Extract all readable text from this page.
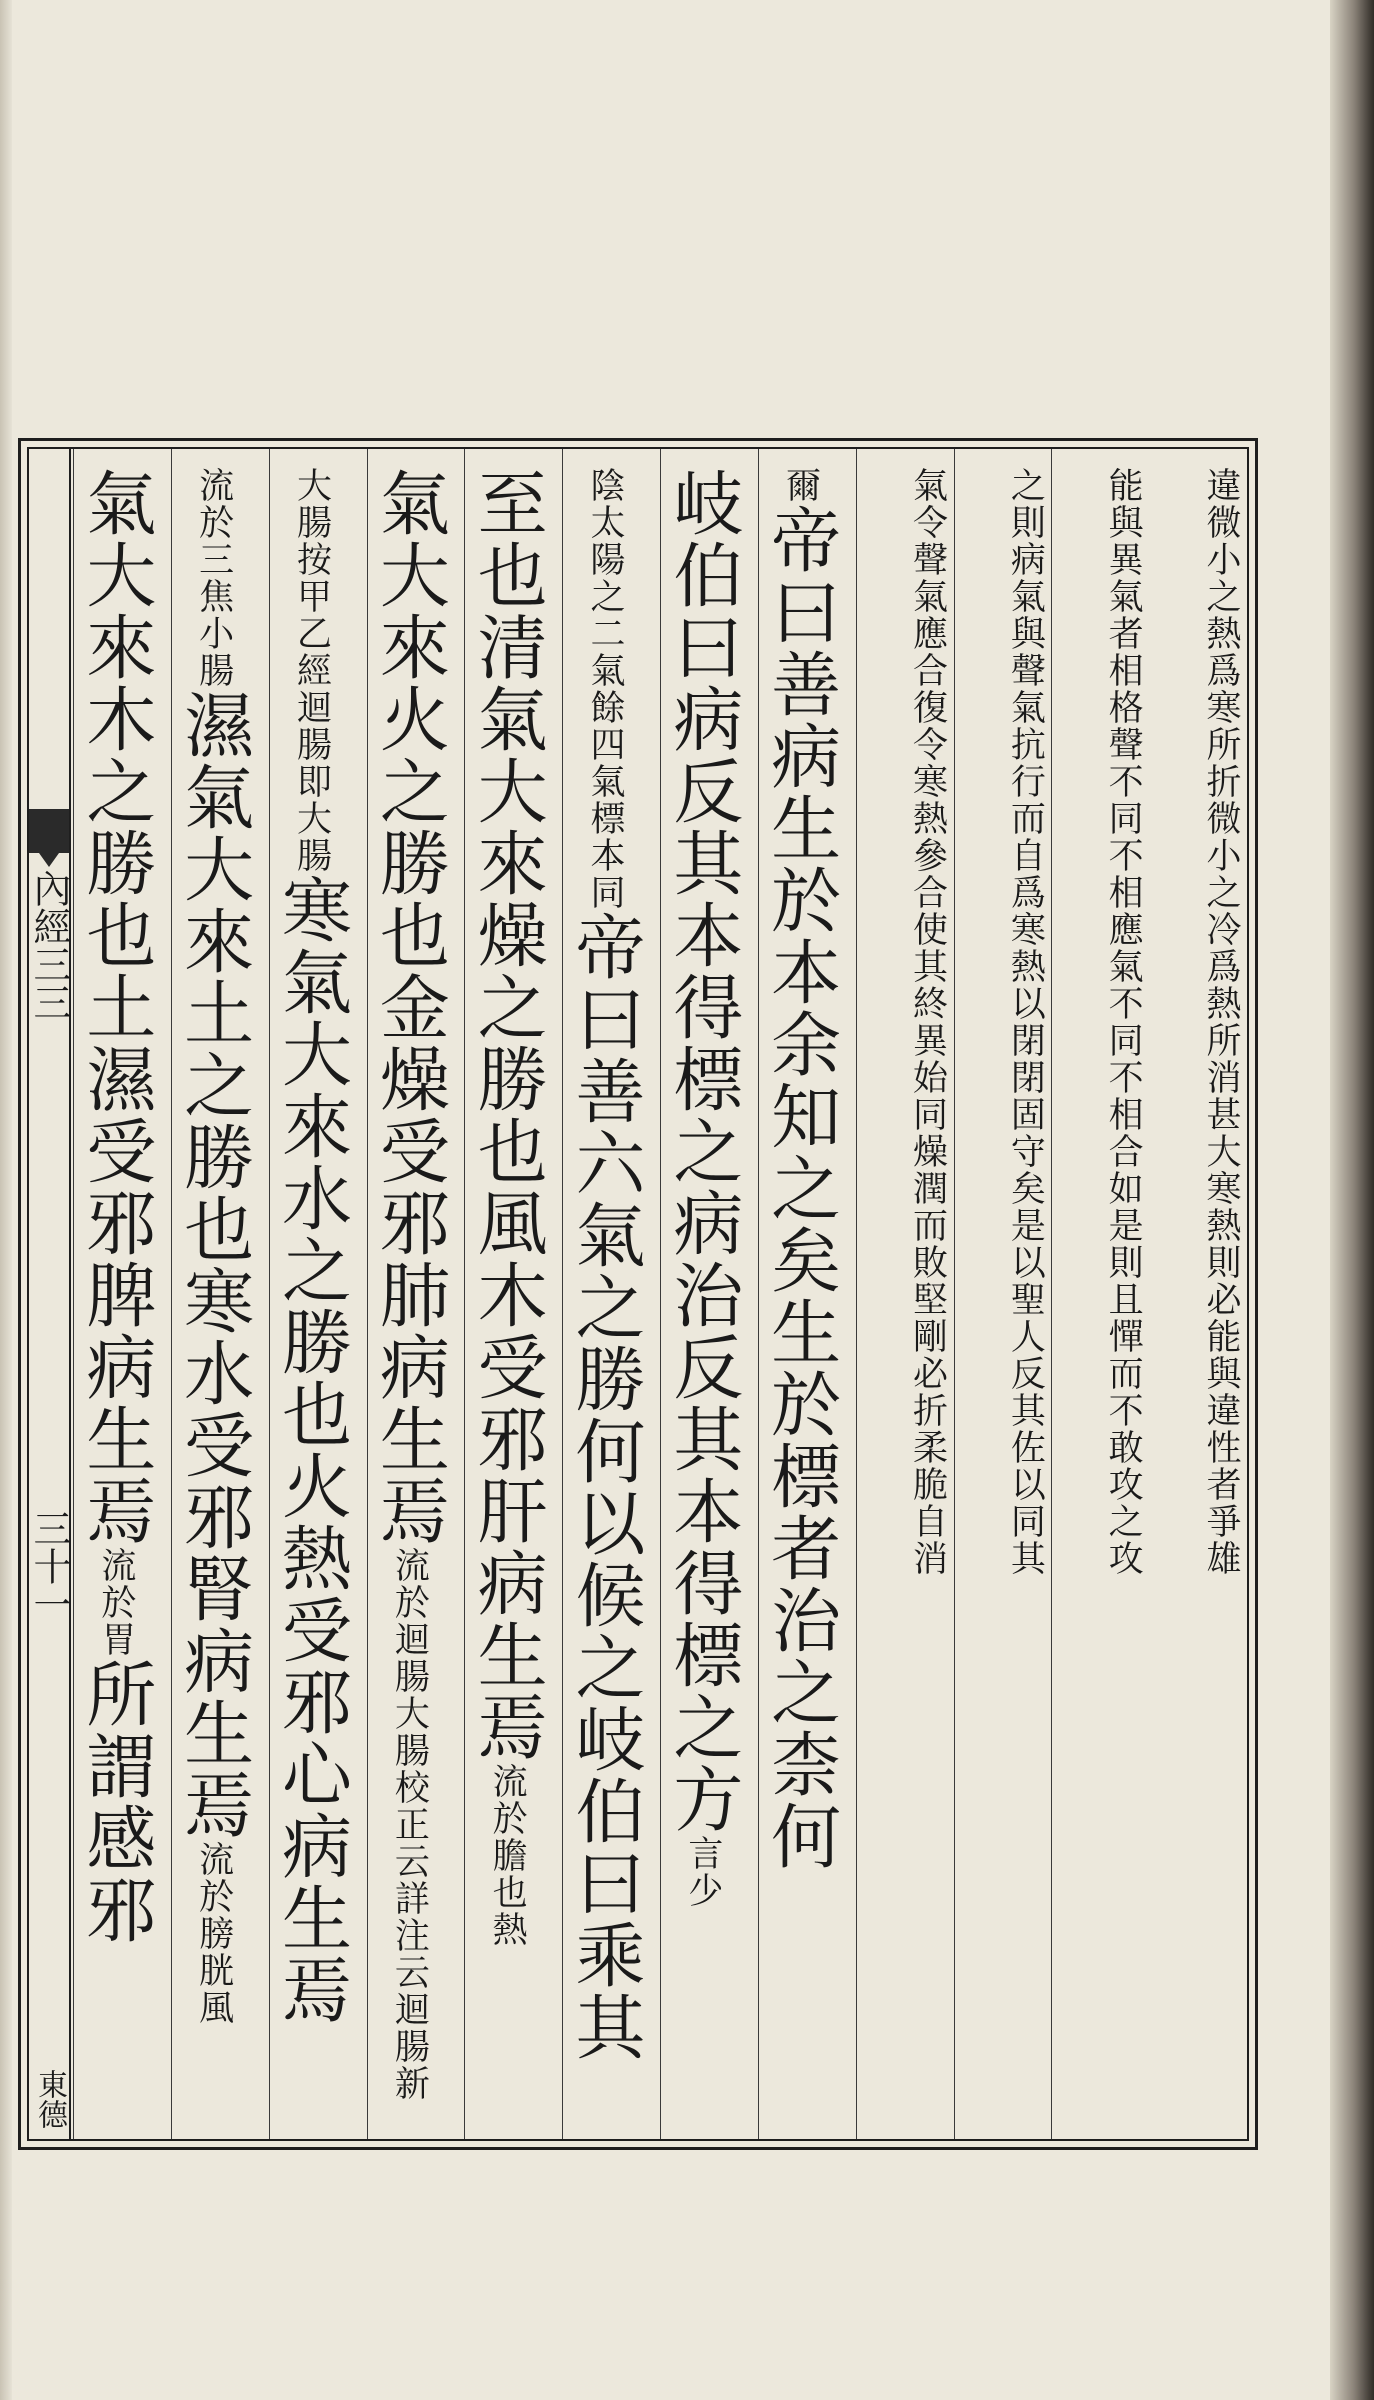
內經三三
三十一
東德
違微小之熱爲寒所折微小之冷爲熱所消甚大寒熱則必能與違性者爭雄
能與異氣者相格聲不同不相應氣不同不相合如是則且憚而不敢攻之攻
之則病氣與聲氣抗行而自爲寒熱以閉閉固守矣是以聖人反其佐以同其
氣令聲氣應合復令寒熱參合使其終異始同燥潤而敗堅剛必折柔脆自消
爾帝曰善病生於本余知之矣生於標者治之柰何
岐伯曰病反其本得標之病治反其本得標之方言少
陰太陽之二氣餘四氣標本同帝曰善六氣之勝何以候之岐伯曰乘其
至也清氣大來燥之勝也風木受邪肝病生焉流於膽也熱
氣大來火之勝也金燥受邪肺病生焉流於迴腸大腸校正云詳注云迴腸新
大腸按甲乙經迴腸即大腸寒氣大來水之勝也火熱受邪心病生焉
流於三焦小腸濕氣大來土之勝也寒水受邪腎病生焉流於膀胱風
氣大來木之勝也土濕受邪脾病生焉流於胃所謂感邪
